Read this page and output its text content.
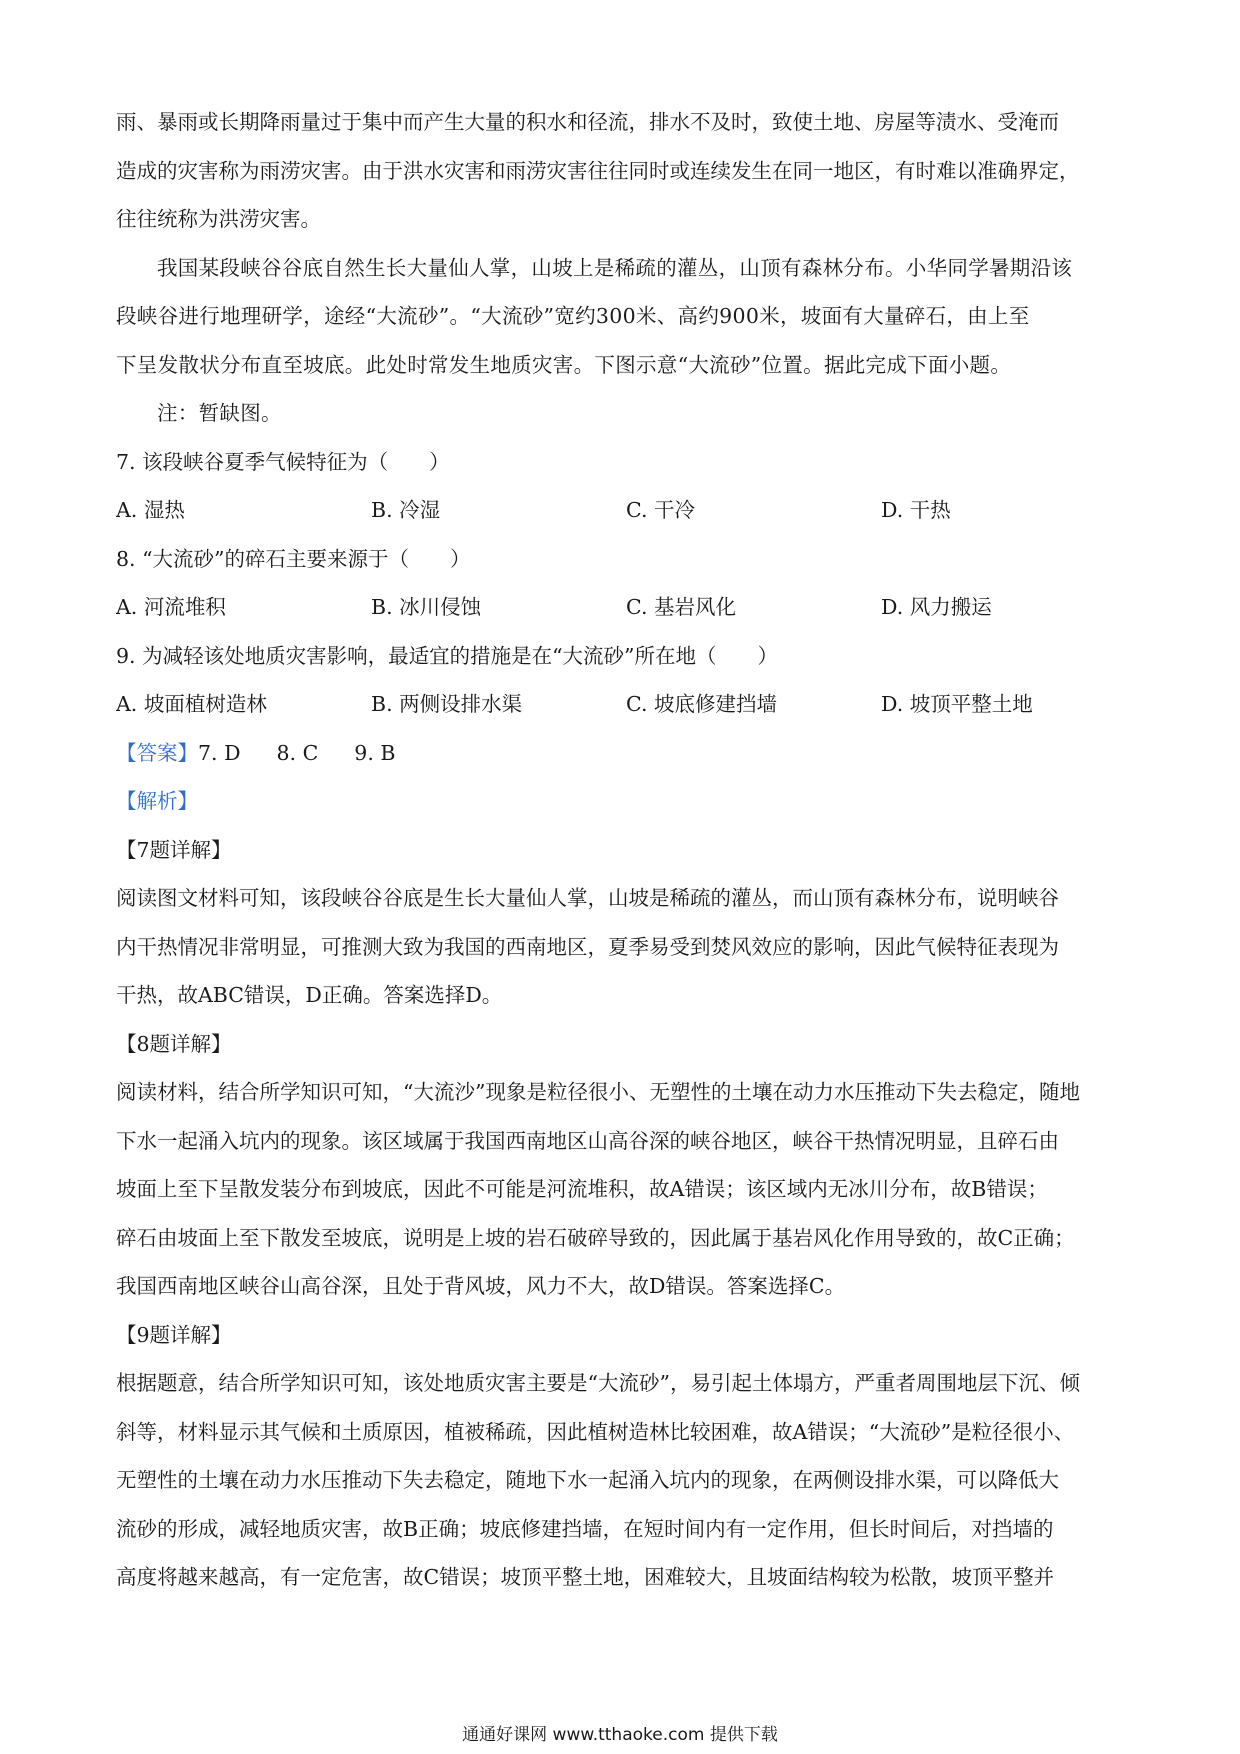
雨、暴雨或长期降雨量过于集中而产生大量的积水和径流，排水不及时，致使土地、房屋等渍水、受淹而
造成的灾害称为雨涝灾害。由于洪水灾害和雨涝灾害往往同时或连续发生在同一地区，有时难以准确界定，
往往统称为洪涝灾害。
我国某段峡谷谷底自然生长大量仙人掌，山坡上是稀疏的灌丛，山顶有森林分布。小华同学暑期沿该
段峡谷进行地理研学，途经“大流砂”。“大流砂”宽约300米、高约900米，坡面有大量碎石，由上至
下呈发散状分布直至坡底。此处时常发生地质灾害。下图示意“大流砂”位置。据此完成下面小题。
注：暂缺图。
7. 该段峡谷夏季气候特征为（　　）
A. 湿热	B. 冷湿	C. 干冷	D. 干热
8. “大流砂”的碎石主要来源于（　　）
A. 河流堆积	B. 冰川侵蚀	C. 基岩风化	D. 风力搬运
9. 为减轻该处地质灾害影响，最适宜的措施是在“大流砂”所在地（　　）
A. 坡面植树造林	B. 两侧设排水渠	C. 坡底修建挡墙	D. 坡顶平整土地
【答案】7. D 8. C 9. B
【解析】
【7题详解】
阅读图文材料可知，该段峡谷谷底是生长大量仙人掌，山坡是稀疏的灌丛，而山顶有森林分布，说明峡谷
内干热情况非常明显，可推测大致为我国的西南地区，夏季易受到焚风效应的影响，因此气候特征表现为
干热，故ABC错误，D正确。答案选择D。
【8题详解】
阅读材料，结合所学知识可知，“大流沙”现象是粒径很小、无塑性的土壤在动力水压推动下失去稳定，随地
下水一起涌入坑内的现象。该区域属于我国西南地区山高谷深的峡谷地区，峡谷干热情况明显，且碎石由
坡面上至下呈散发装分布到坡底，因此不可能是河流堆积，故A错误；该区域内无冰川分布，故B错误；
碎石由坡面上至下散发至坡底，说明是上坡的岩石破碎导致的，因此属于基岩风化作用导致的，故C正确；
我国西南地区峡谷山高谷深，且处于背风坡，风力不大，故D错误。答案选择C。
【9题详解】
根据题意，结合所学知识可知，该处地质灾害主要是“大流砂”，易引起土体塌方，严重者周围地层下沉、倾
斜等，材料显示其气候和土质原因，植被稀疏，因此植树造林比较困难，故A错误；“大流砂”是粒径很小、
无塑性的土壤在动力水压推动下失去稳定，随地下水一起涌入坑内的现象，在两侧设排水渠，可以降低大
流砂的形成，减轻地质灾害，故B正确；坡底修建挡墙，在短时间内有一定作用，但长时间后，对挡墙的
高度将越来越高，有一定危害，故C错误；坡顶平整土地，困难较大，且坡面结构较为松散，坡顶平整并
通通好课网 www.tthaoke.com 提供下载
